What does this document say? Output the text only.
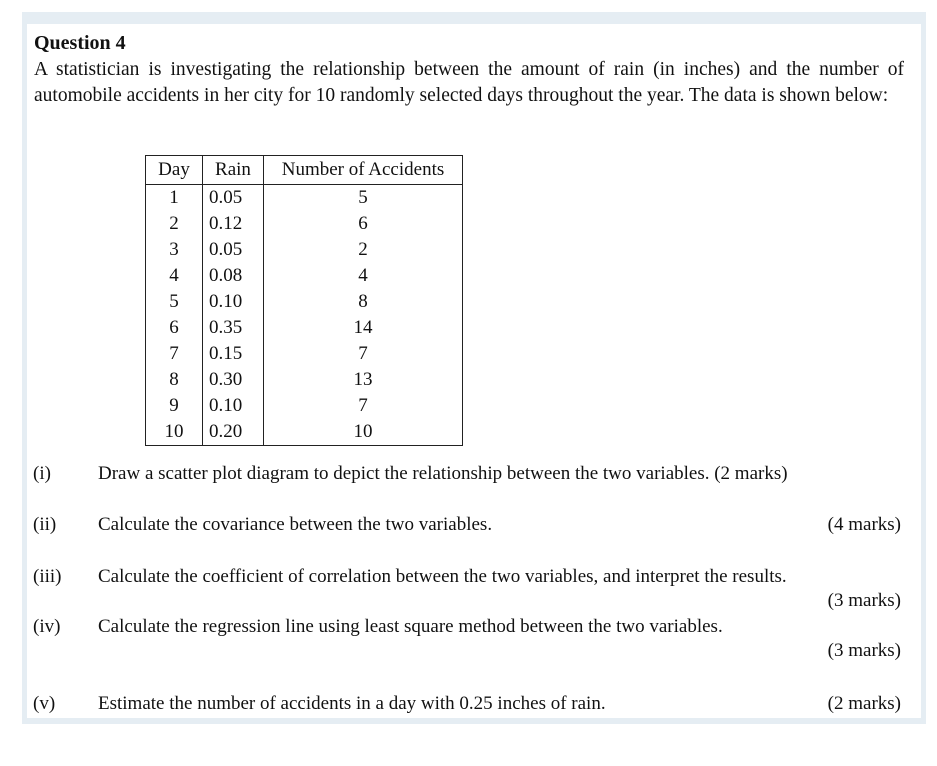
Question 4
A statistician is investigating the relationship between the amount of rain (in inches) and the number of automobile accidents in her city for 10 randomly selected days throughout the year. The data is shown below:
Day	Rain	Number of Accidents
1	0.05	5
2	0.12	6
3	0.05	2
4	0.08	4
5	0.10	8
6	0.35	14
7	0.15	7
8	0.30	13
9	0.10	7
10	0.20	10
(i) Draw a scatter plot diagram to depict the relationship between the two variables. (2 marks)
(ii) Calculate the covariance between the two variables.	(4 marks)
(iii) Calculate the coefficient of correlation between the two variables, and interpret the results.
(3 marks)
(iv) Calculate the regression line using least square method between the two variables.
(3 marks)
(v) Estimate the number of accidents in a day with 0.25 inches of rain.	(2 marks)
